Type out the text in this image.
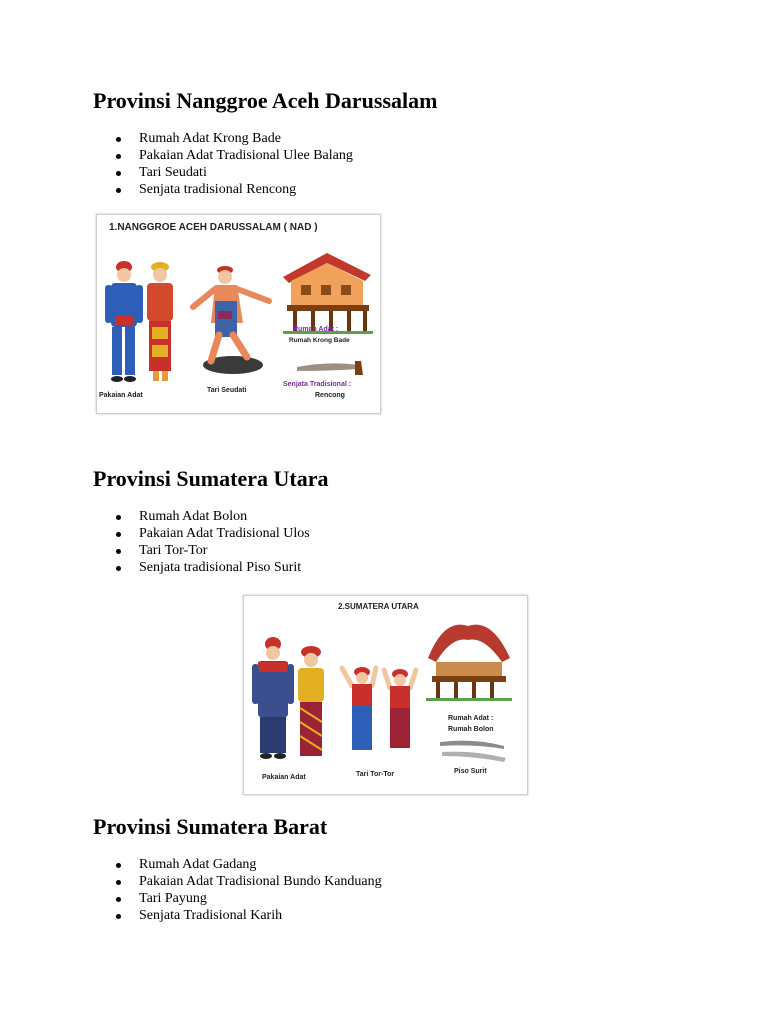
Provinsi Nanggroe Aceh Darussalam
Rumah Adat Krong Bade
Pakaian Adat Tradisional Ulee Balang
Tari Seudati
Senjata tradisional Rencong
1.NANGGROE ACEH DARUSSALAM ( NAD )
Pakaian Adat
Tari Seudati
Rumah Adat :
Rumah Krong Bade
Senjata Tradisional :
Rencong
Provinsi Sumatera Utara
Rumah Adat Bolon
Pakaian Adat Tradisional Ulos
Tari Tor-Tor
Senjata tradisional Piso Surit
2.SUMATERA UTARA
Pakaian Adat	Tari Tor-Tor
Rumah Adat :
Rumah Bolon
Piso Surit
Provinsi Sumatera Barat
Rumah Adat Gadang
Pakaian Adat Tradisional Bundo Kanduang
Tari Payung
Senjata Tradisional Karih
